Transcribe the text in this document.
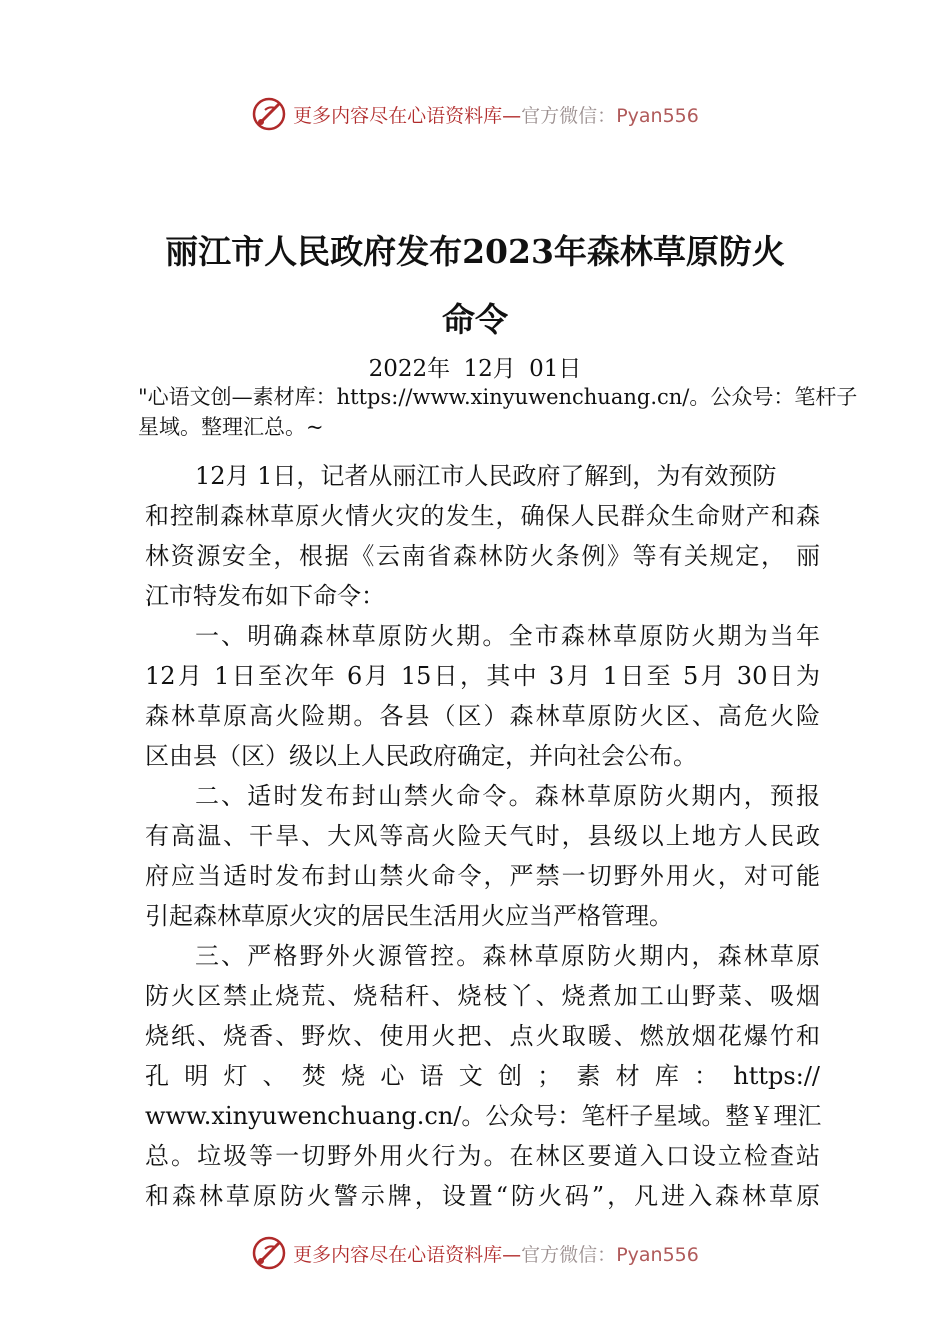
更多内容尽在心语资料库—官方微信：Pyan556
丽江市人民政府发布2023年森林草原防火
命令
2022年 12月 01日
"心语文创—素材库：https://www.xinyuwenchuang.cn/。公众号：笔杆子星域。整理汇总。~
12月 1日，记者从丽江市人民政府了解到，为有效预防
和控制森林草原火情火灾的发生，确保人民群众生命财产和森
林资源安全，根据《云南省森林防火条例》等有关规定， 丽
江市特发布如下命令：
一、明确森林草原防火期。全市森林草原防火期为当年
12月 1日至次年 6月 15日，其中 3月 1日至 5月 30日为
森林草原高火险期。各县（区）森林草原防火区、高危火险
区由县（区）级以上人民政府确定，并向社会公布。
二、适时发布封山禁火命令。森林草原防火期内，预报
有高温、干旱、大风等高火险天气时，县级以上地方人民政
府应当适时发布封山禁火命令，严禁一切野外用火，对可能
引起森林草原火灾的居民生活用火应当严格管理。
三、严格野外火源管控。森林草原防火期内，森林草原
防火区禁止烧荒、烧秸秆、烧枝丫、烧煮加工山野菜、吸烟
烧纸、烧香、野炊、使用火把、点火取暖、燃放烟花爆竹和
孔明灯、焚烧心语文创；素材库：https://
www.xinyuwenchuang.cn/。公众号：笔杆子星域。整￥理汇
总。垃圾等一切野外用火行为。在林区要道入口设立检查站
和森林草原防火警示牌，设置“防火码”，凡进入森林草原
更多内容尽在心语资料库—官方微信：Pyan556
